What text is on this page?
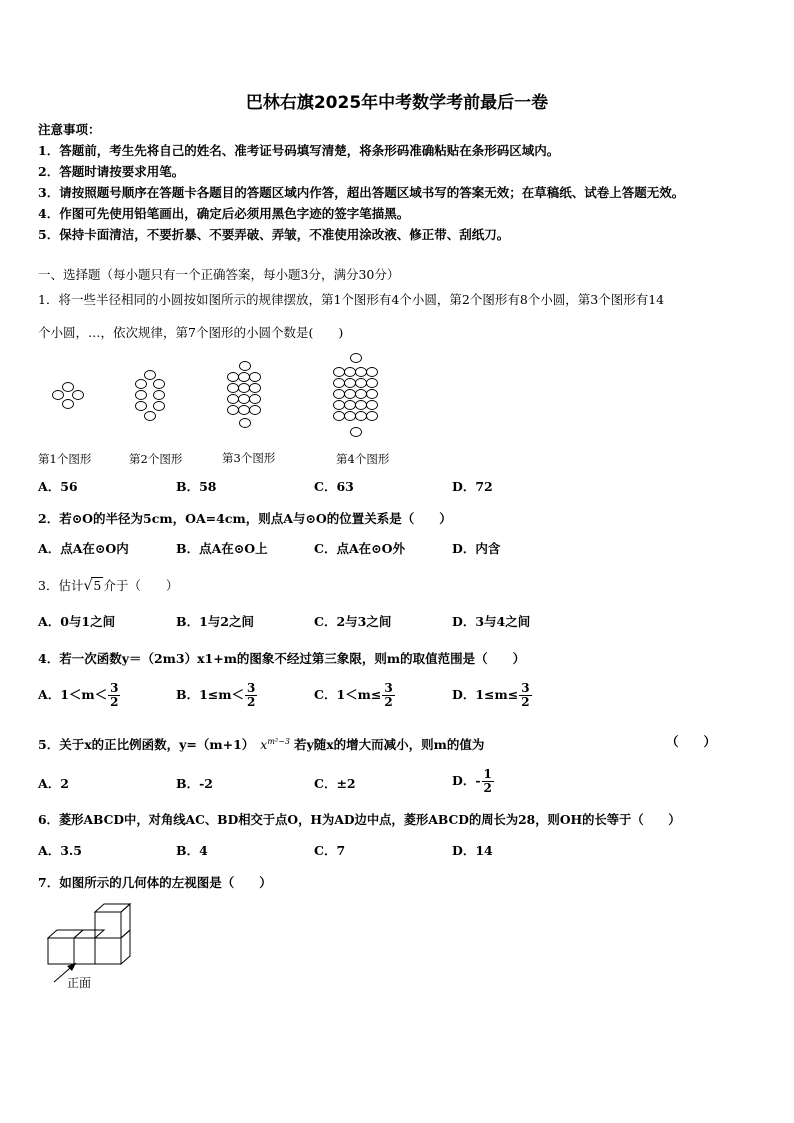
巴林右旗2025年中考数学考前最后一卷
注意事项：
1．答题前，考生先将自己的姓名、准考证号码填写清楚，将条形码准确粘贴在条形码区域内。
2．答题时请按要求用笔。
3．请按照题号顺序在答题卡各题目的答题区域内作答，超出答题区域书写的答案无效；在草稿纸、试卷上答题无效。
4．作图可先使用铅笔画出，确定后必须用黑色字迹的签字笔描黑。
5．保持卡面清洁，不要折暴、不要弄破、弄皱，不准使用涂改液、修正带、刮纸刀。
一、选择题（每小题只有一个正确答案，每小题3分，满分30分）
1．将一些半径相同的小圆按如图所示的规律摆放，第1个图形有4个小圆，第2个图形有8个小圆，第3个图形有14
个小圆，…，依次规律，第7个图形的小圆个数是(　　)
第1个图形	第2个图形	第3个图形	第4个图形
A．56	B．58	C．63	D．72
2．若⊙O的半径为5cm，OA=4cm，则点A与⊙O的位置关系是（　　）
A．点A在⊙O内	B．点A在⊙O上	C．点A在⊙O外	D．内含
3．估计√5 介于（　　）
A．0与1之间	B．1与2之间	C．2与3之间	D．3与4之间
4．若一次函数y＝（2m3）x1+m的图象不经过第三象限，则m的取值范围是（　　）
A．$1<m< \frac{3}{2}$	B．$1\le m< \frac{3}{2}$	C．$1<m\le \frac{3}{2}$	D．$1\le m\le \frac{3}{2}$
5．关于x的正比例函数，y=（m+1） $x^{m^2-3}$ 若y随x的增大而减小，则m的值为	（　　）
A．2	B．-2	C．±2	D．- $\frac{1}{2}$
6．菱形ABCD中，对角线AC、BD相交于点O，H为AD边中点，菱形ABCD的周长为28，则OH的长等于（　　）
A．3.5	B．4	C．7	D．14
7．如图所示的几何体的左视图是（　　）
正面
